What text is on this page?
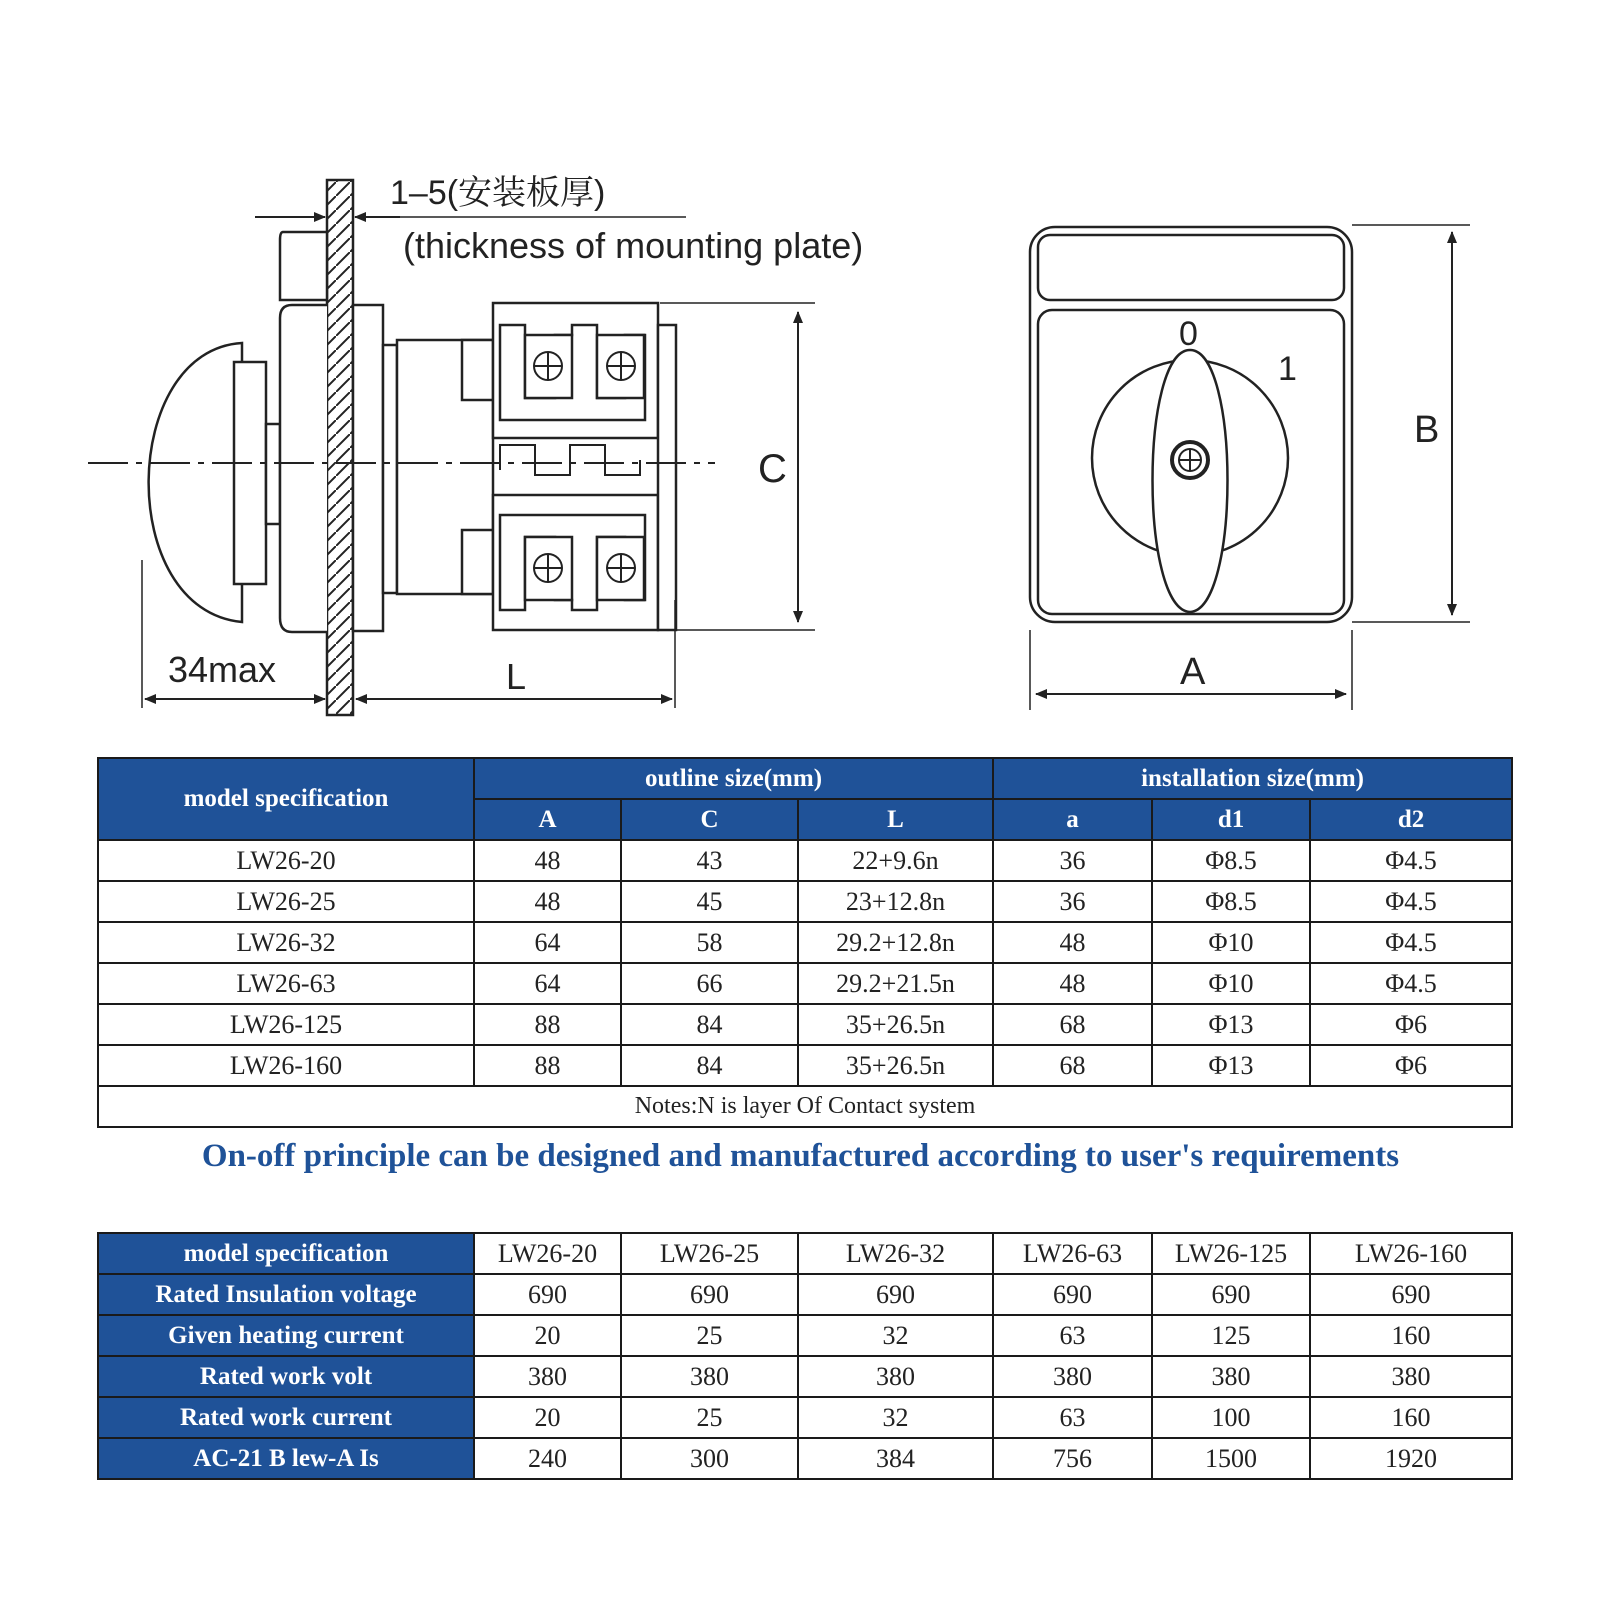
1–5(安装板厚)
(thickness of mounting plate)
C
34max	L
0
1
B
A
model specification	outline size(mm)			installation size(mm)		
	A	C	L	a	d1	d2
LW26-20	48	43	22+9.6n	36	Φ8.5	Φ4.5
LW26-25	48	45	23+12.8n	36	Φ8.5	Φ4.5
LW26-32	64	58	29.2+12.8n	48	Φ10	Φ4.5
LW26-63	64	66	29.2+21.5n	48	Φ10	Φ4.5
LW26-125	88	84	35+26.5n	68	Φ13	Φ6
LW26-160	88	84	35+26.5n	68	Φ13	Φ6
Notes:N is layer Of Contact system						
On-off principle can be designed and manufactured according to user's requirements
model specification	LW26-20	LW26-25	LW26-32	LW26-63	LW26-125	LW26-160
Rated Insulation voltage	690	690	690	690	690	690
Given heating current	20	25	32	63	125	160
Rated work volt	380	380	380	380	380	380
Rated work current	20	25	32	63	100	160
AC-21 B lew-A Is	240	300	384	756	1500	1920
